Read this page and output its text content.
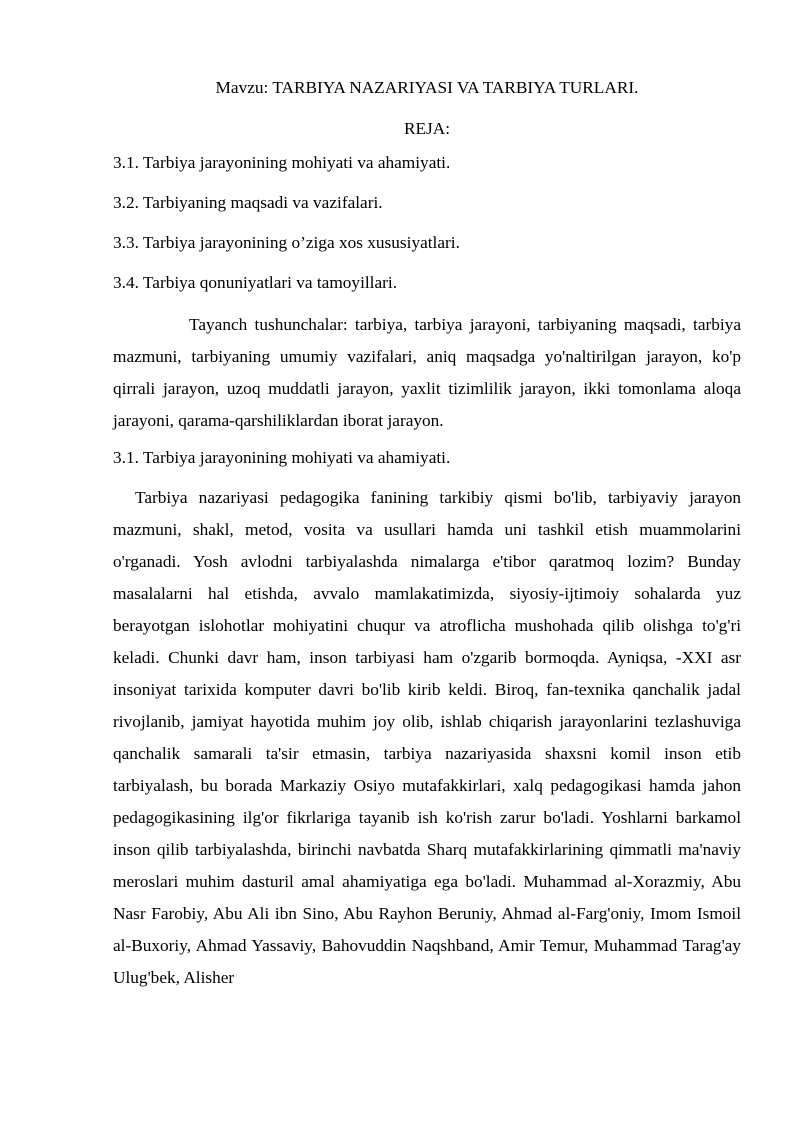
Mavzu: TARBIYA NAZARIYASI VA TARBIYA TURLARI.

REJA:

3.1. Tarbiya jarayonining mohiyati va ahamiyati.

3.2. Tarbiyaning maqsadi va vazifalari.

3.3. Tarbiya jarayonining o’ziga xos xususiyatlari.

3.4. Tarbiya qonuniyatlari va tamoyillari.

Tayanch tushunchalar: tarbiya, tarbiya jarayoni, tarbiyaning maqsadi, tarbiya mazmuni, tarbiyaning umumiy vazifalari, aniq maqsadga yo'naltirilgan jarayon, ko'p qirrali jarayon, uzoq muddatli jarayon, yaxlit tizimlilik jarayon, ikki tomonlama aloqa jarayoni, qarama-qarshiliklardan iborat jarayon.

3.1. Tarbiya jarayonining mohiyati va ahamiyati.

Tarbiya nazariyasi pedagogika fanining tarkibiy qismi bo'lib, tarbiyaviy jarayon mazmuni, shakl, metod, vosita va usullari hamda uni tashkil etish muammolarini o'rganadi. Yosh avlodni tarbiyalashda nimalarga e'tibor qaratmoq lozim? Bunday masalalarni hal etishda, avvalo mamlakatimizda, siyosiy-ijtimoiy sohalarda yuz berayotgan islohotlar mohiyatini chuqur va atroflicha mushohada qilib olishga to'g'ri keladi. Chunki davr ham, inson tarbiyasi ham o'zgarib bormoqda. Ayniqsa, -XXI asr insoniyat tarixida komputer davri bo'lib kirib keldi. Biroq, fan-texnika qanchalik jadal rivojlanib, jamiyat hayotida muhim joy olib, ishlab chiqarish jarayonlarini tezlashuviga qanchalik samarali ta'sir etmasin, tarbiya nazariyasida shaxsni komil inson etib tarbiyalash, bu borada Markaziy Osiyo mutafakkirlari, xalq pedagogikasi hamda jahon pedagogikasining ilg'or fikrlariga tayanib ish ko'rish zarur bo'ladi. Yoshlarni barkamol inson qilib tarbiyalashda, birinchi navbatda Sharq mutafakkirlarining qimmatli ma'naviy meroslari muhim dasturil amal ahamiyatiga ega bo'ladi. Muhammad al-Xorazmiy, Abu Nasr Farobiy, Abu Ali ibn Sino, Abu Rayhon Beruniy, Ahmad al-Farg'oniy, Imom Ismoil al-Buxoriy, Ahmad Yassaviy, Bahovuddin Naqshband, Amir Temur, Muhammad Tarag'ay Ulug'bek, Alisher
